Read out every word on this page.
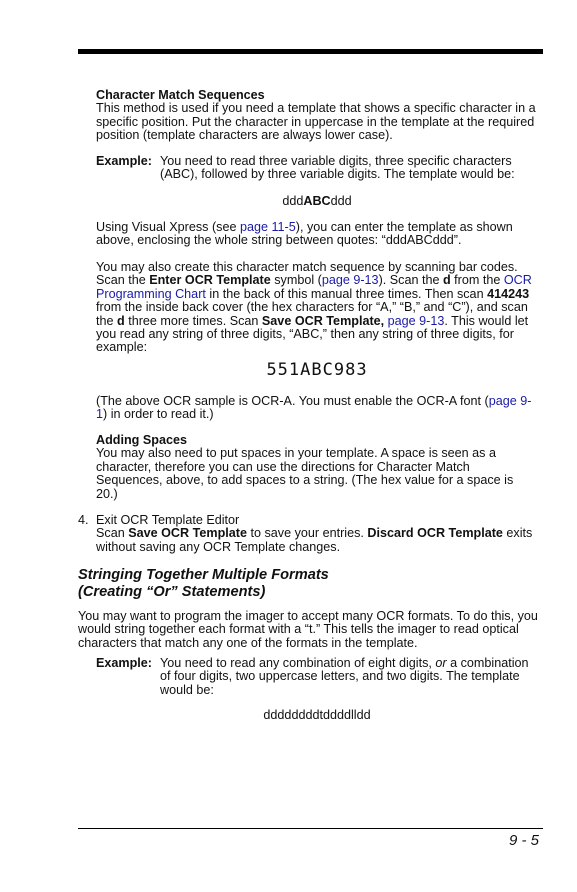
Character Match Sequences
This method is used if you need a template that shows a specific character in a specific position. Put the character in uppercase in the template at the required position (template characters are always lower case).
Example: You need to read three variable digits, three specific characters (ABC), followed by three variable digits. The template would be:
dddABCddd
Using Visual Xpress (see page 11-5), you can enter the template as shown above, enclosing the whole string between quotes: “dddABCddd”.
You may also create this character match sequence by scanning bar codes. Scan the Enter OCR Template symbol (page 9-13). Scan the d from the OCR Programming Chart in the back of this manual three times. Then scan 414243 from the inside back cover (the hex characters for “A,” “B,” and “C”), and scan the d three more times. Scan Save OCR Template, page 9-13. This would let you read any string of three digits, “ABC,” then any string of three digits, for example:
551ABC983
(The above OCR sample is OCR-A. You must enable the OCR-A font (page 9-1) in order to read it.)
Adding Spaces
You may also need to put spaces in your template. A space is seen as a character, therefore you can use the directions for Character Match Sequences, above, to add spaces to a string. (The hex value for a space is 20.)
4. Exit OCR Template Editor
Scan Save OCR Template to save your entries. Discard OCR Template exits without saving any OCR Template changes.
Stringing Together Multiple Formats
(Creating “Or” Statements)
You may want to program the imager to accept many OCR formats. To do this, you would string together each format with a “t.” This tells the imager to read optical characters that match any one of the formats in the template.
Example: You need to read any combination of eight digits, or a combination of four digits, two uppercase letters, and two digits. The template would be:
ddddddddtddddlldd
9 - 5
